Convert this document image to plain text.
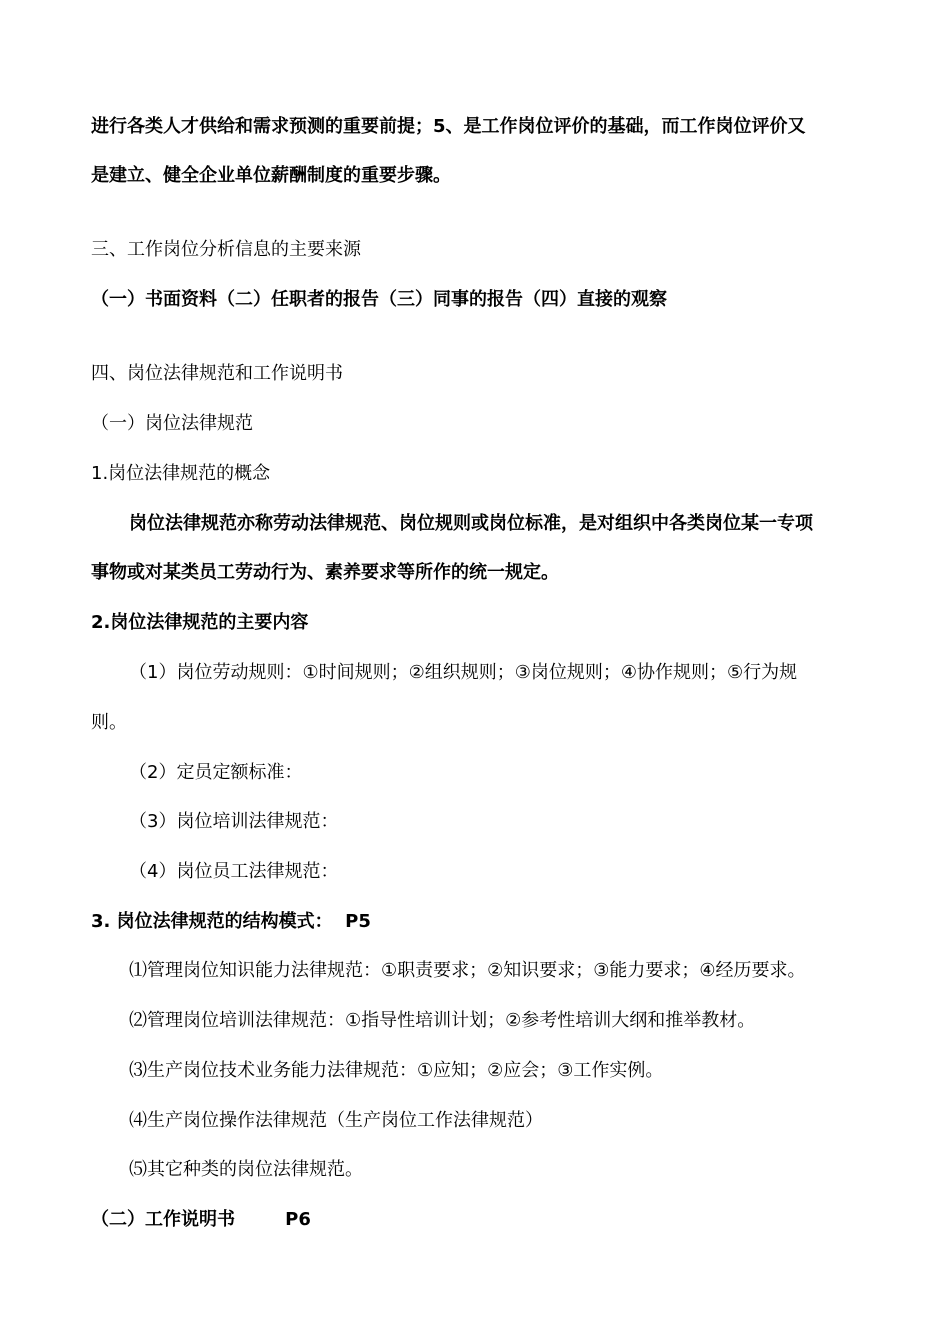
进行各类人才供给和需求预测的重要前提；5、是工作岗位评价的基础，而工作岗位评价又
是建立、健全企业单位薪酬制度的重要步骤。
三、工作岗位分析信息的主要来源
（一）书面资料（二）任职者的报告（三）同事的报告（四）直接的观察
四、岗位法律规范和工作说明书
（一）岗位法律规范
1.岗位法律规范的概念
岗位法律规范亦称劳动法律规范、岗位规则或岗位标准，是对组织中各类岗位某一专项
事物或对某类员工劳动行为、素养要求等所作的统一规定。
2.岗位法律规范的主要内容
（1）岗位劳动规则：①时间规则；②组织规则；③岗位规则；④协作规则；⑤行为规
则。
（2）定员定额标准：
（3）岗位培训法律规范：
（4）岗位员工法律规范：
3. 岗位法律规范的结构模式：  P5
⑴管理岗位知识能力法律规范：①职责要求；②知识要求；③能力要求；④经历要求。
⑵管理岗位培训法律规范：①指导性培训计划；②参考性培训大纲和推举教材。
⑶生产岗位技术业务能力法律规范：①应知；②应会；③工作实例。
⑷生产岗位操作法律规范（生产岗位工作法律规范）
⑸其它种类的岗位法律规范。
（二）工作说明书        P6
